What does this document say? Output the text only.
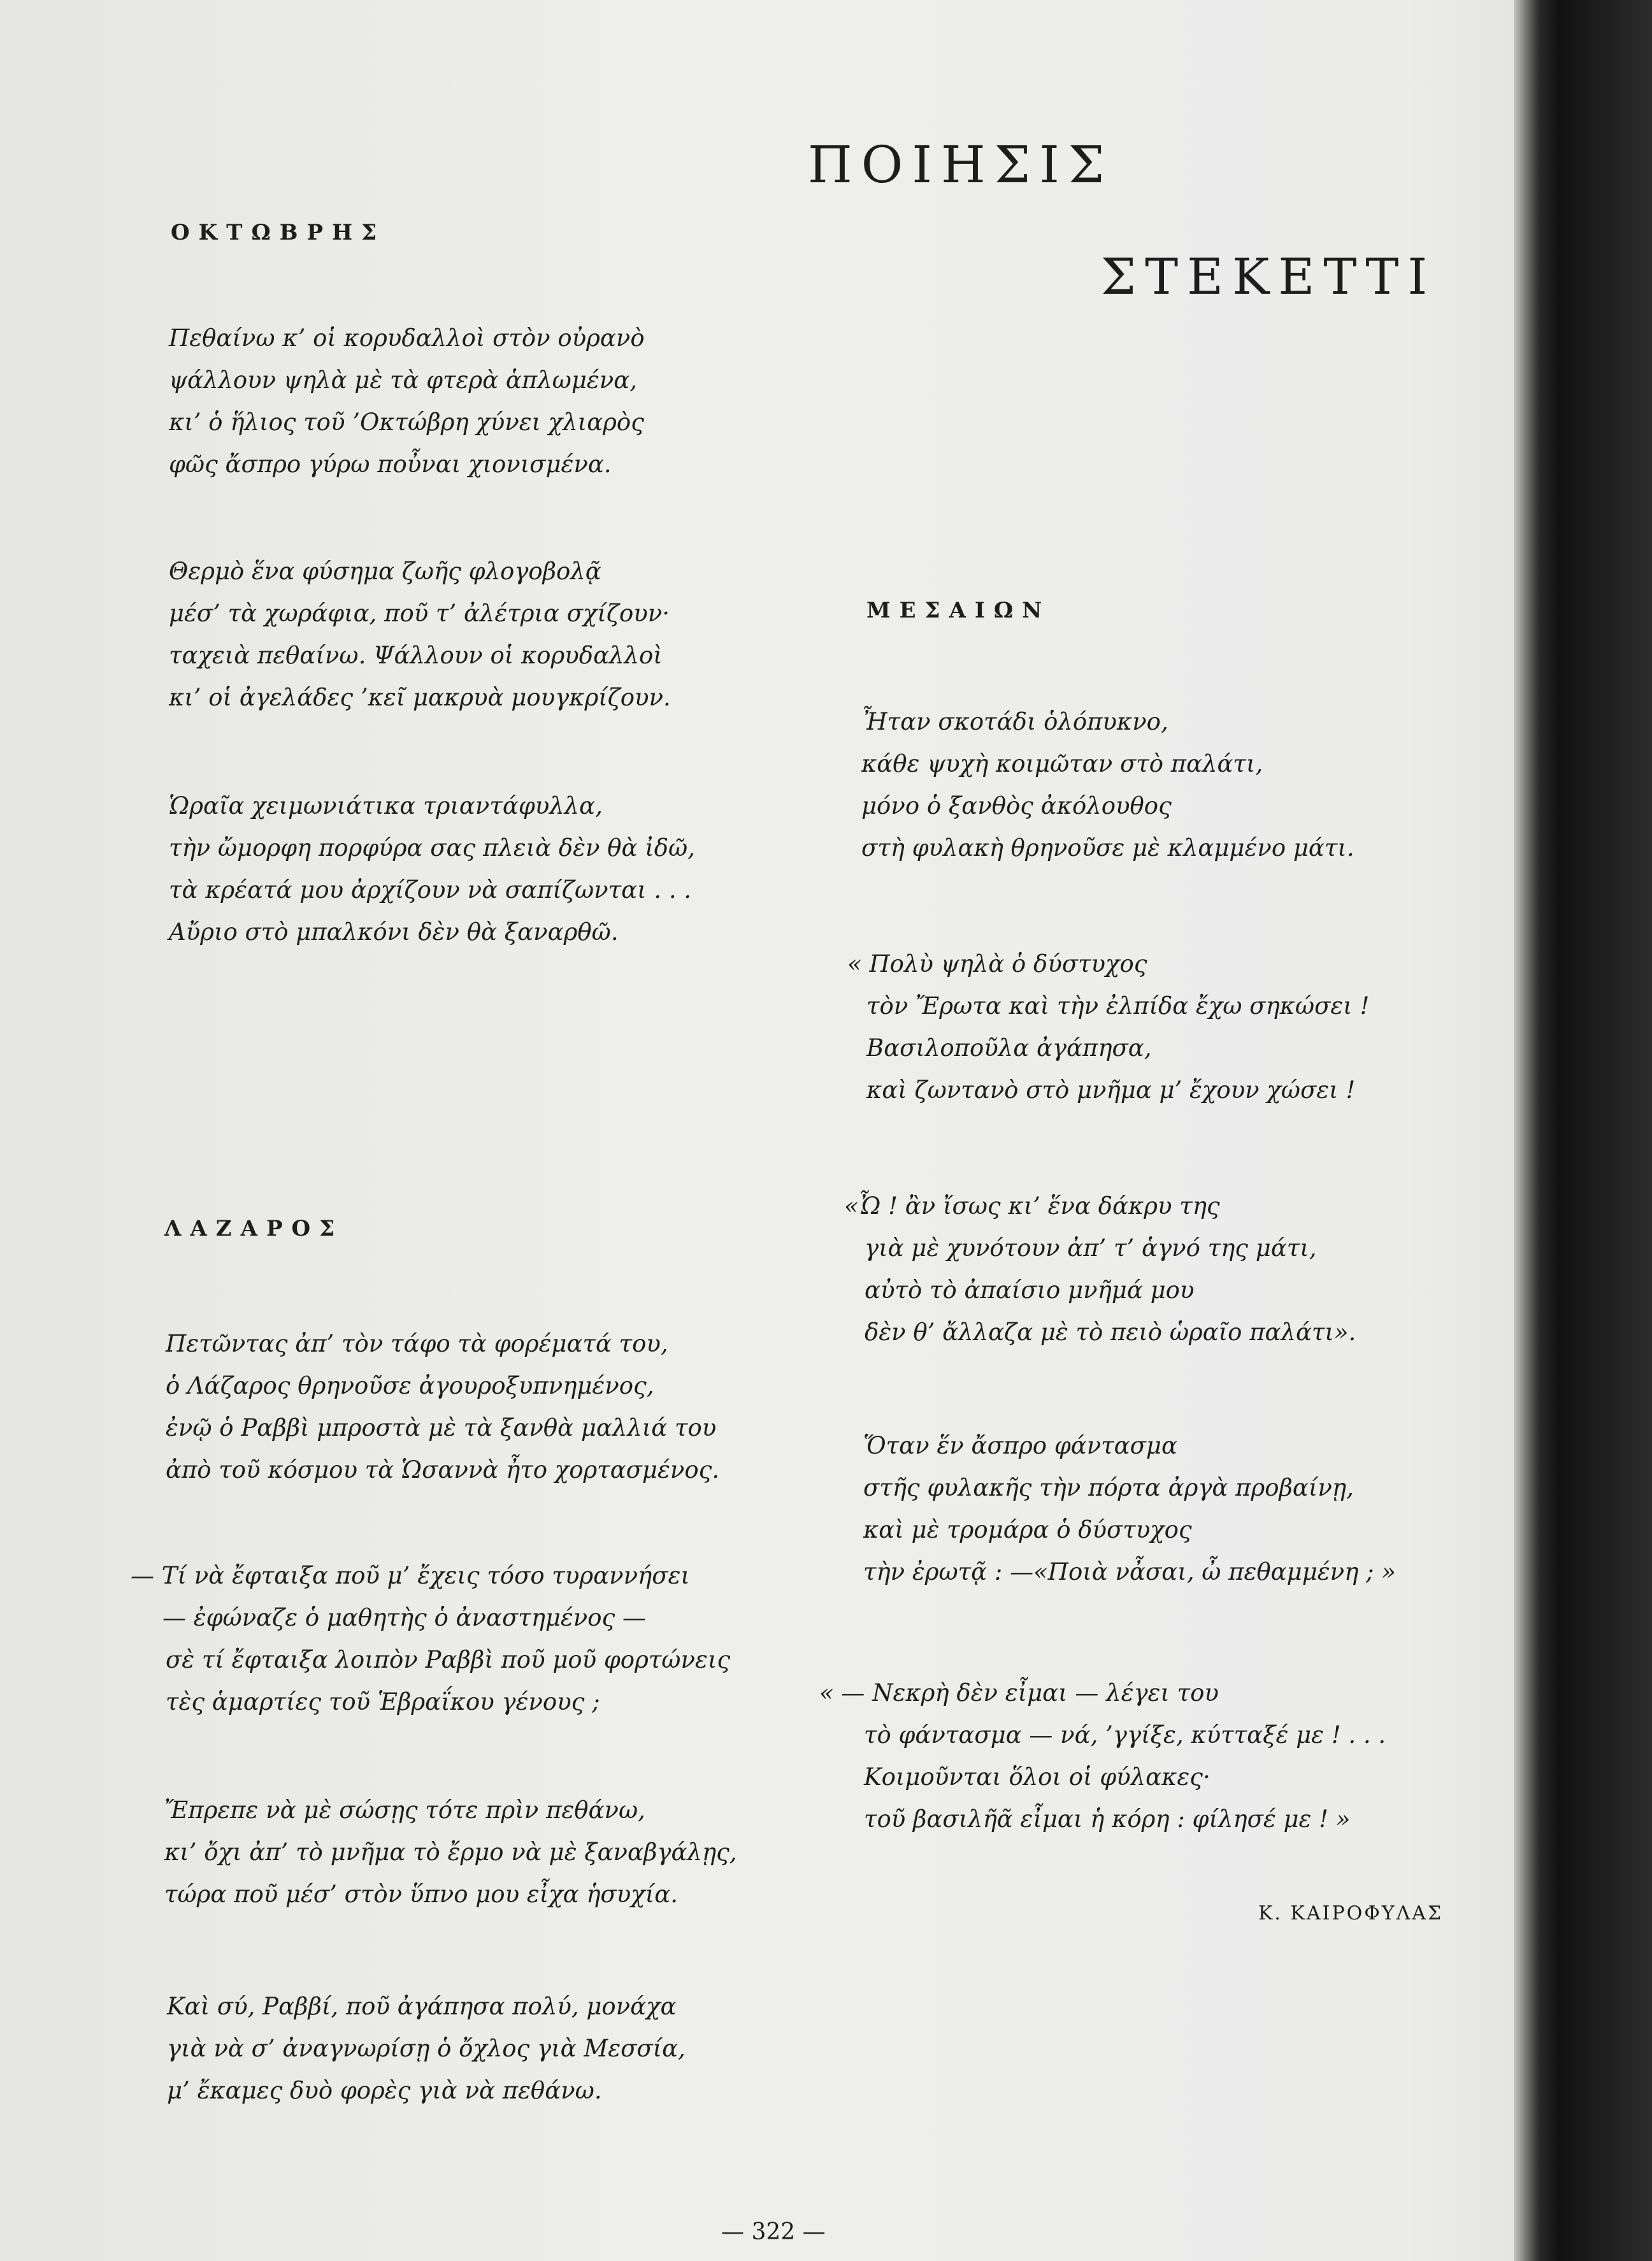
ΠΟΙΗΣΙΣ
ΣΤΕΚΕΤΤΙ
ΟΚΤΩΒΡΗΣ

Πεθαίνω κ’ οἱ κορυδαλλοὶ στὸν οὐρανὸ
ψάλλουν ψηλὰ μὲ τὰ φτερὰ ἁπλωμένα,
κι’ ὁ ἥλιος τοῦ ’Οκτώβρη χύνει χλιαρὸς
φῶς ἄσπρο γύρω ποὖναι χιονισμένα.

Θερμὸ ἕνα φύσημα ζωῆς φλογοβολᾷ
μέσ’ τὰ χωράφια, ποῦ τ’ ἀλέτρια σχίζουν·
ταχειὰ πεθαίνω. Ψάλλουν οἱ κορυδαλλοὶ
κι’ οἱ ἀγελάδες ’κεῖ μακρυὰ μουγκρίζουν.

Ὡραῖα χειμωνιάτικα τριαντάφυλλα,
τὴν ὤμορφη πορφύρα σας πλειὰ δὲν θὰ ἰδῶ,
τὰ κρέατά μου ἀρχίζουν νὰ σαπίζωνται . . .
Αὔριο στὸ μπαλκόνι δὲν θὰ ξαναρθῶ.

ΛΑΖΑΡΟΣ

Πετῶντας ἀπ’ τὸν τάφο τὰ φορέματά του,
ὁ Λάζαρος θρηνοῦσε ἀγουροξυπνημένος,
ἐνῷ ὁ Ραββὶ μπροστὰ μὲ τὰ ξανθὰ μαλλιά του
ἀπὸ τοῦ κόσμου τὰ Ὡσαννὰ ἦτο χορτασμένος.

— Τί νὰ ἔφταιξα ποῦ μ’ ἔχεις τόσο τυραννήσει
— ἐφώναζε ὁ μαθητὴς ὁ ἀναστημένος —
σὲ τί ἔφταιξα λοιπὸν Ραββὶ ποῦ μοῦ φορτώνεις
τὲς ἁμαρτίες τοῦ Ἑβραΐκου γένους ;

Ἔπρεπε νὰ μὲ σώσῃς τότε πρὶν πεθάνω,
κι’ ὄχι ἀπ’ τὸ μνῆμα τὸ ἔρμο νὰ μὲ ξαναβγάλῃς,
τώρα ποῦ μέσ’ στὸν ὕπνο μου εἶχα ἡσυχία.

Καὶ σύ, Ραββί, ποῦ ἀγάπησα πολύ, μονάχα
γιὰ νὰ σ’ ἀναγνωρίσῃ ὁ ὄχλος γιὰ Μεσσία,
μ’ ἔκαμες δυὸ φορὲς γιὰ νὰ πεθάνω.

ΜΕΣΑΙΩΝ

Ἦταν σκοτάδι ὁλόπυκνο,
κάθε ψυχὴ κοιμῶταν στὸ παλάτι,
μόνο ὁ ξανθὸς ἀκόλουθος
στὴ φυλακὴ θρηνοῦσε μὲ κλαμμένο μάτι.

« Πολὺ ψηλὰ ὁ δύστυχος
τὸν Ἔρωτα καὶ τὴν ἐλπίδα ἔχω σηκώσει !
Βασιλοποῦλα ἀγάπησα,
καὶ ζωντανὸ στὸ μνῆμα μ’ ἔχουν χώσει !

«Ὦ ! ἂν ἴσως κι’ ἕνα δάκρυ της
γιὰ μὲ χυνότουν ἀπ’ τ’ ἁγνό της μάτι,
αὐτὸ τὸ ἀπαίσιο μνῆμά μου
δὲν θ’ ἄλλαζα μὲ τὸ πειὸ ὡραῖο παλάτι».

Ὅταν ἕν ἄσπρο φάντασμα
στῆς φυλακῆς τὴν πόρτα ἀργὰ προβαίνῃ,
καὶ μὲ τρομάρα ὁ δύστυχος
τὴν ἐρωτᾷ : —«Ποιὰ νἆσαι, ὦ πεθαμμένη ; »

« — Νεκρὴ δὲν εἶμαι — λέγει του
τὸ φάντασμα — νά, ’γγίξε, κύτταξέ με ! . . .
Κοιμοῦνται ὅλοι οἱ φύλακες·
τοῦ βασιλῆᾶ εἶμαι ἡ κόρη : φίλησέ με ! »

Κ. ΚΑΙΡΟΦΥΛΑΣ

— 322 —
